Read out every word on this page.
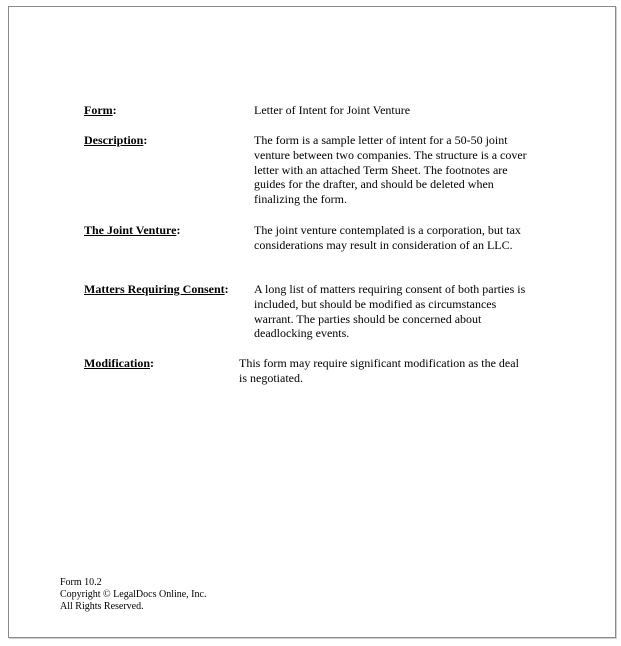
Form:	Letter of Intent for Joint Venture
Description:	The form is a sample letter of intent for a 50-50 joint venture between two companies. The structure is a cover letter with an attached Term Sheet. The footnotes are guides for the drafter, and should be deleted when finalizing the form.
The Joint Venture:	The joint venture contemplated is a corporation, but tax considerations may result in consideration of an LLC.
Matters Requiring Consent: A long list of matters requiring consent of both parties is included, but should be modified as circumstances warrant. The parties should be concerned about deadlocking events.
Modification:	This form may require significant modification as the deal is negotiated.
Form 10.2
Copyright © LegalDocs Online, Inc.
All Rights Reserved.
